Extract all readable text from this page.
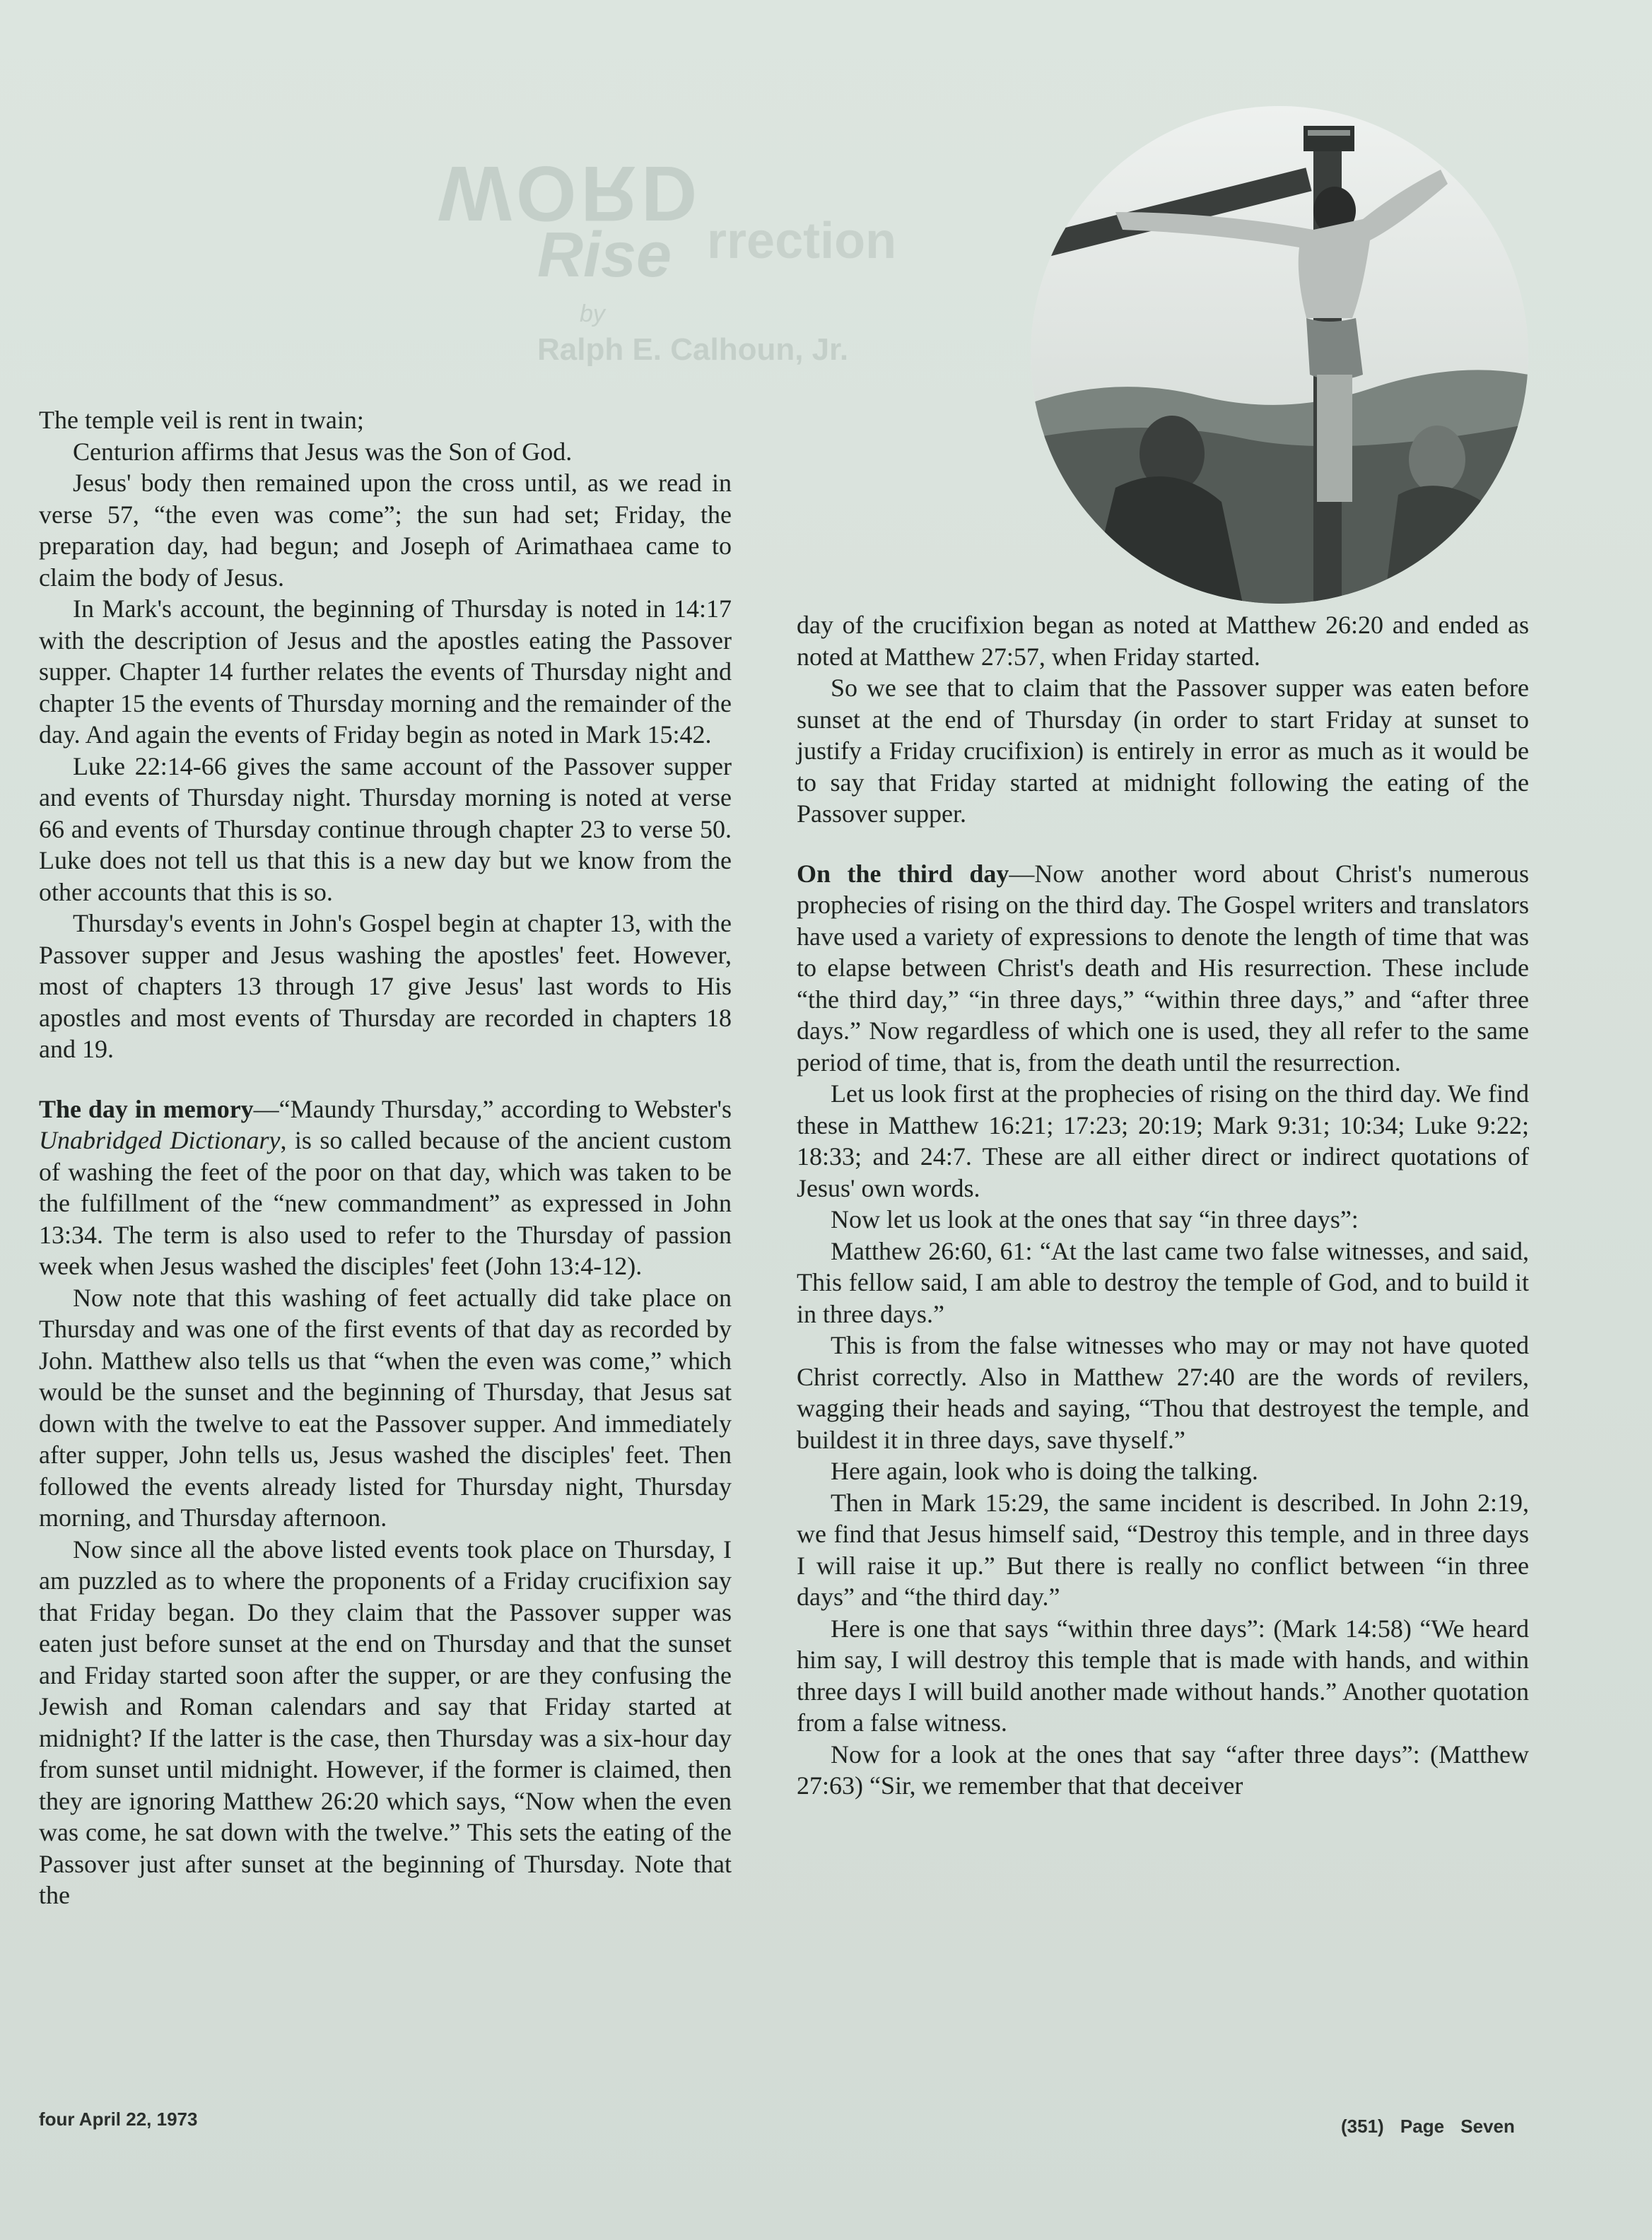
WORD
Rise rrection
by
Ralph E. Calhoun, Jr.

The temple veil is rent in twain;

Centurion affirms that Jesus was the Son of God.

Jesus' body then remained upon the cross until, as we read in verse 57, “the even was come”; the sun had set; Friday, the preparation day, had begun; and Joseph of Arimathaea came to claim the body of Jesus.

In Mark's account, the beginning of Thursday is noted in 14:17 with the description of Jesus and the apostles eating the Passover supper. Chapter 14 further relates the events of Thursday night and chapter 15 the events of Thursday morning and the remainder of the day. And again the events of Friday begin as noted in Mark 15:42.

Luke 22:14-66 gives the same account of the Passover supper and events of Thursday night. Thursday morning is noted at verse 66 and events of Thursday continue through chapter 23 to verse 50. Luke does not tell us that this is a new day but we know from the other accounts that this is so.

Thursday's events in John's Gospel begin at chapter 13, with the Passover supper and Jesus washing the apostles' feet. However, most of chapters 13 through 17 give Jesus' last words to His apostles and most events of Thursday are recorded in chapters 18 and 19.

The day in memory—“Maundy Thursday,” according to Webster's Unabridged Dictionary, is so called because of the ancient custom of washing the feet of the poor on that day, which was taken to be the fulfillment of the “new commandment” as expressed in John 13:34. The term is also used to refer to the Thursday of passion week when Jesus washed the disciples' feet (John 13:4-12).

Now note that this washing of feet actually did take place on Thursday and was one of the first events of that day as recorded by John. Matthew also tells us that “when the even was come,” which would be the sunset and the beginning of Thursday, that Jesus sat down with the twelve to eat the Passover supper. And immediately after supper, John tells us, Jesus washed the disciples' feet. Then followed the events already listed for Thursday night, Thursday morning, and Thursday afternoon.

Now since all the above listed events took place on Thursday, I am puzzled as to where the proponents of a Friday crucifixion say that Friday began. Do they claim that the Passover supper was eaten just before sunset at the end on Thursday and that the sunset and Friday started soon after the supper, or are they confusing the Jewish and Roman calendars and say that Friday started at midnight? If the latter is the case, then Thursday was a six-hour day from sunset until midnight. However, if the former is claimed, then they are ignoring Matthew 26:20 which says, “Now when the even was come, he sat down with the twelve.” This sets the eating of the Passover just after sunset at the beginning of Thursday. Note that the

day of the crucifixion began as noted at Matthew 26:20 and ended as noted at Matthew 27:57, when Friday started.

So we see that to claim that the Passover supper was eaten before sunset at the end of Thursday (in order to start Friday at sunset to justify a Friday crucifixion) is entirely in error as much as it would be to say that Friday started at midnight following the eating of the Passover supper.

On the third day—Now another word about Christ's numerous prophecies of rising on the third day. The Gospel writers and translators have used a variety of expressions to denote the length of time that was to elapse between Christ's death and His resurrection. These include “the third day,” “in three days,” “within three days,” and “after three days.” Now regardless of which one is used, they all refer to the same period of time, that is, from the death until the resurrection.

Let us look first at the prophecies of rising on the third day. We find these in Matthew 16:21; 17:23; 20:19; Mark 9:31; 10:34; Luke 9:22; 18:33; and 24:7. These are all either direct or indirect quotations of Jesus' own words.

Now let us look at the ones that say “in three days”:

Matthew 26:60, 61: “At the last came two false witnesses, and said, This fellow said, I am able to destroy the temple of God, and to build it in three days.”

This is from the false witnesses who may or may not have quoted Christ correctly. Also in Matthew 27:40 are the words of revilers, wagging their heads and saying, “Thou that destroyest the temple, and buildest it in three days, save thyself.”

Here again, look who is doing the talking.

Then in Mark 15:29, the same incident is described. In John 2:19, we find that Jesus himself said, “Destroy this temple, and in three days I will raise it up.” But there is really no conflict between “in three days” and “the third day.”

Here is one that says “within three days”: (Mark 14:58) “We heard him say, I will destroy this temple that is made with hands, and within three days I will build another made without hands.” Another quotation from a false witness.

Now for a look at the ones that say “after three days”: (Matthew 27:63) “Sir, we remember that that deceiver

four April 22, 1973	(351) Page Seven
